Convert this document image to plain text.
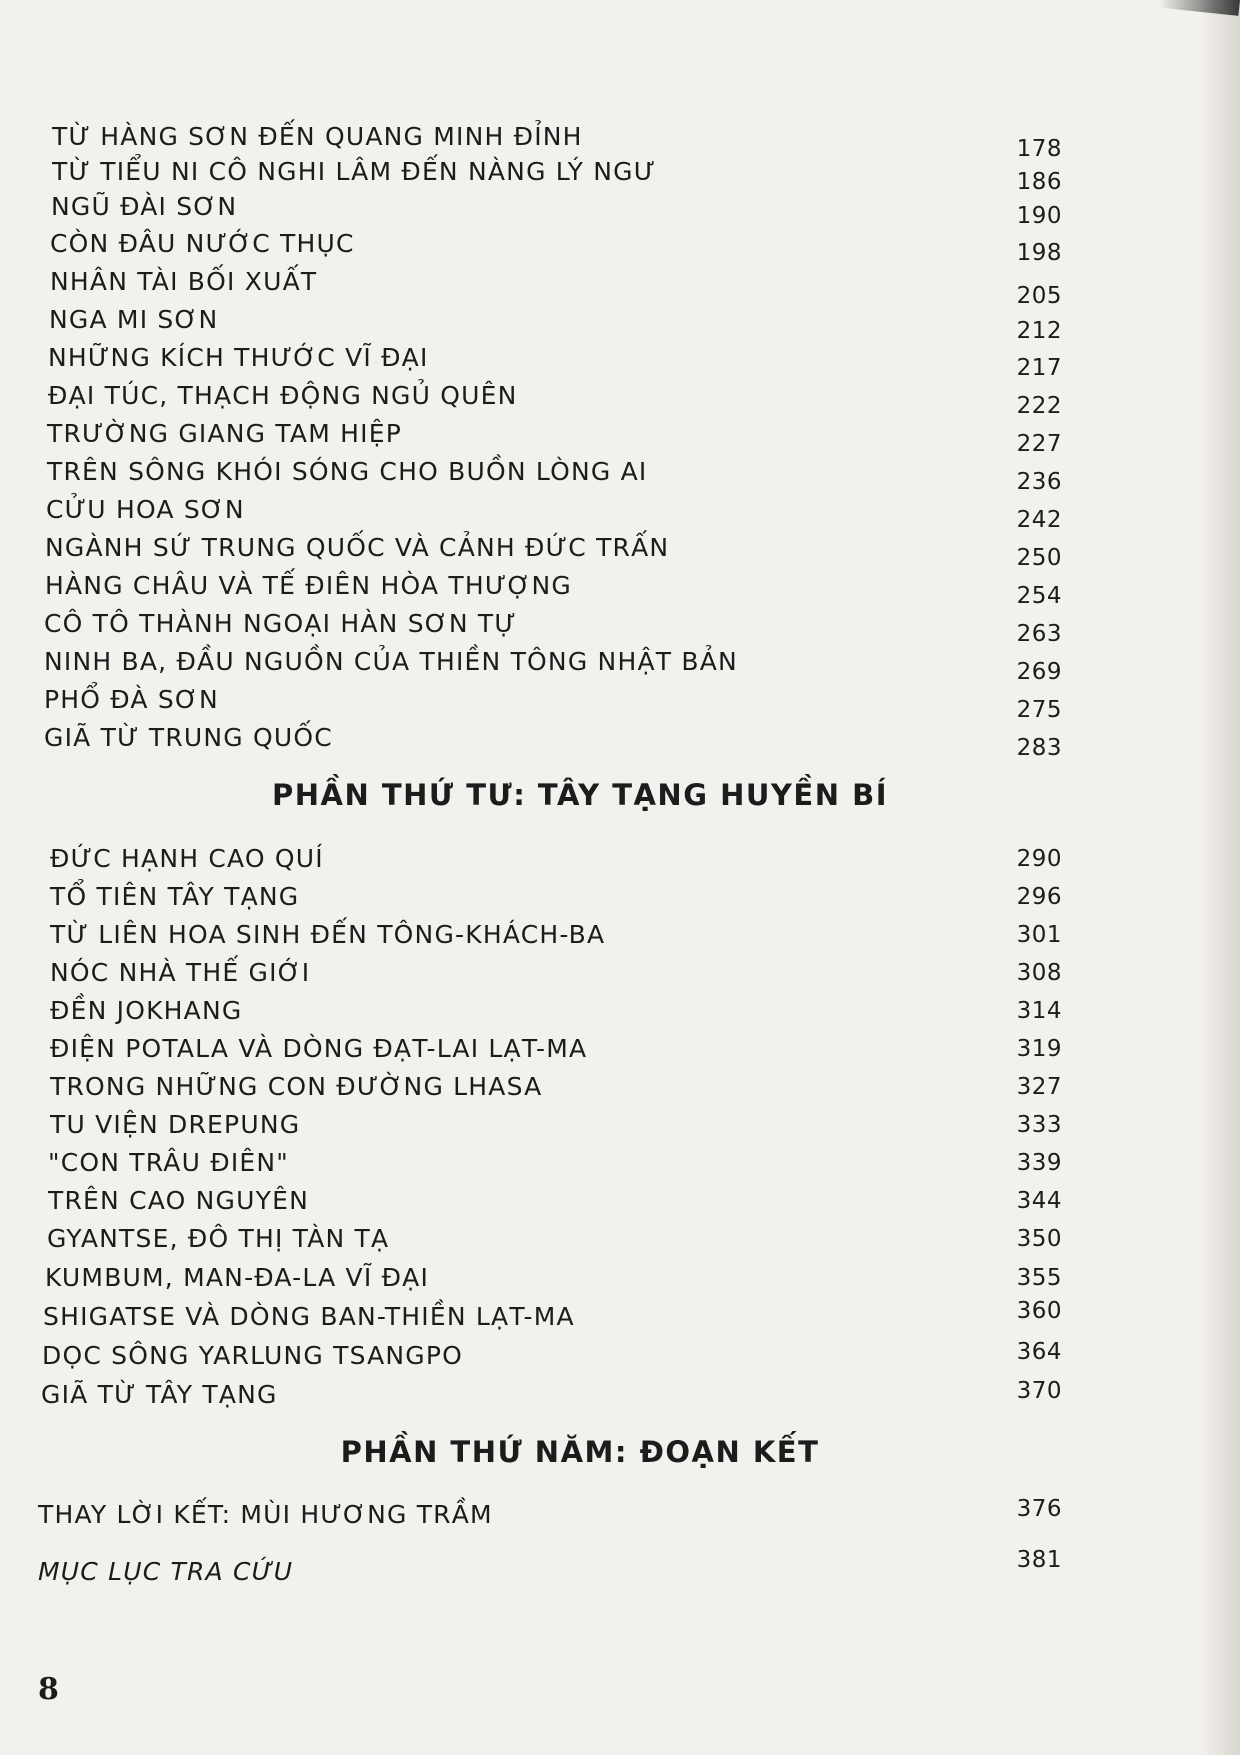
TỪ HÀNG SƠN ĐẾN QUANG MINH ĐỈNH	178
TỪ TIỂU NI CÔ NGHI LÂM ĐẾN NÀNG LÝ NGƯ	186
NGŨ ĐÀI SƠN	190
CÒN ĐÂU NƯỚC THỤC	198
NHÂN TÀI BỐI XUẤT	205
NGA MI SƠN	212
NHỮNG KÍCH THƯỚC VĨ ĐẠI	217
ĐẠI TÚC, THẠCH ĐỘNG NGỦ QUÊN	222
TRƯỜNG GIANG TAM HIỆP	227
TRÊN SÔNG KHÓI SÓNG CHO BUỒN LÒNG AI	236
CỬU HOA SƠN	242
NGÀNH SỨ TRUNG QUỐC VÀ CẢNH ĐỨC TRẤN	250
HÀNG CHÂU VÀ TẾ ĐIÊN HÒA THƯỢNG	254
CÔ TÔ THÀNH NGOẠI HÀN SƠN TỰ	263
NINH BA, ĐẦU NGUỒN CỦA THIỀN TÔNG NHẬT BẢN	269
PHỔ ĐÀ SƠN	275
GIÃ TỪ TRUNG QUỐC	283
PHẦN THỨ TƯ: TÂY TẠNG HUYỀN BÍ
ĐỨC HẠNH CAO QUÍ	290
TỔ TIÊN TÂY TẠNG	296
TỪ LIÊN HOA SINH ĐẾN TÔNG-KHÁCH-BA	301
NÓC NHÀ THẾ GIỚI	308
ĐỀN JOKHANG	314
ĐIỆN POTALA VÀ DÒNG ĐẠT-LAI LẠT-MA	319
TRONG NHỮNG CON ĐƯỜNG LHASA	327
TU VIỆN DREPUNG	333
"CON TRÂU ĐIÊN"	339
TRÊN CAO NGUYÊN	344
GYANTSE, ĐÔ THỊ TÀN TẠ	350
KUMBUM, MAN-ĐA-LA VĨ ĐẠI	355
SHIGATSE VÀ DÒNG BAN-THIỀN LẠT-MA	360
DỌC SÔNG YARLUNG TSANGPO	364
GIÃ TỪ TÂY TẠNG	370
PHẦN THỨ NĂM: ĐOẠN KẾT
THAY LỜI KẾT: MÙI HƯƠNG TRẦM	376
MỤC LỤC TRA CỨU	381
8
